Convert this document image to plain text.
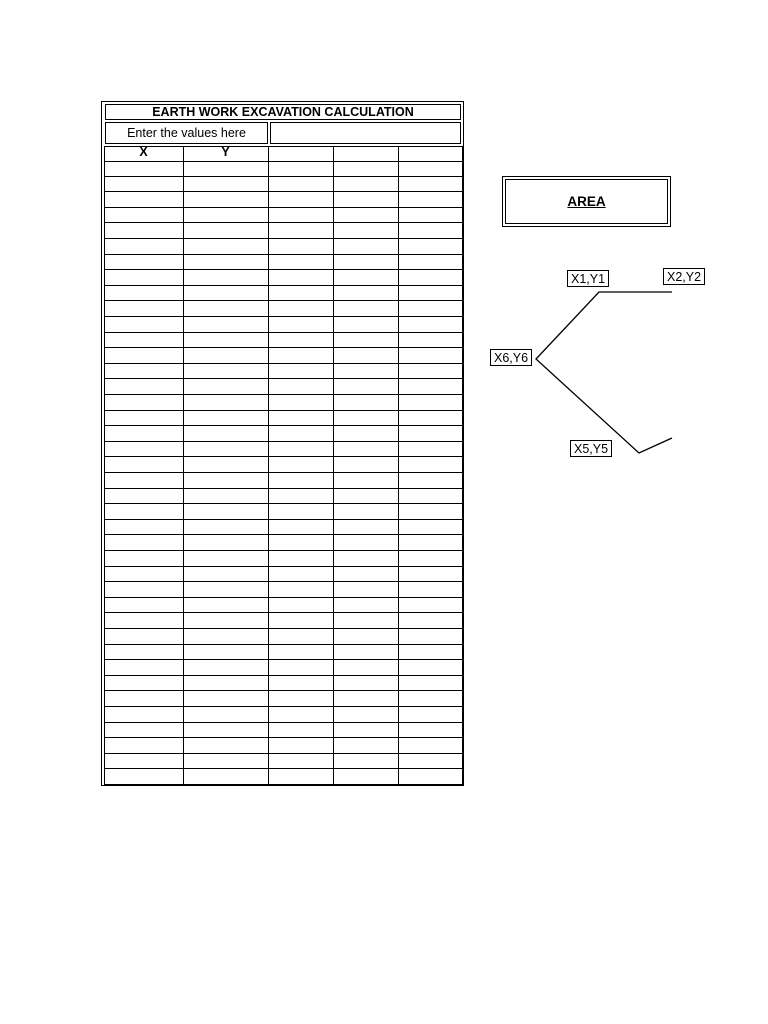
EARTH WORK EXCAVATION CALCULATION
Enter the values here
X	Y
AREA
X1,Y1	X2,Y2
X6,Y6
X5,Y5
